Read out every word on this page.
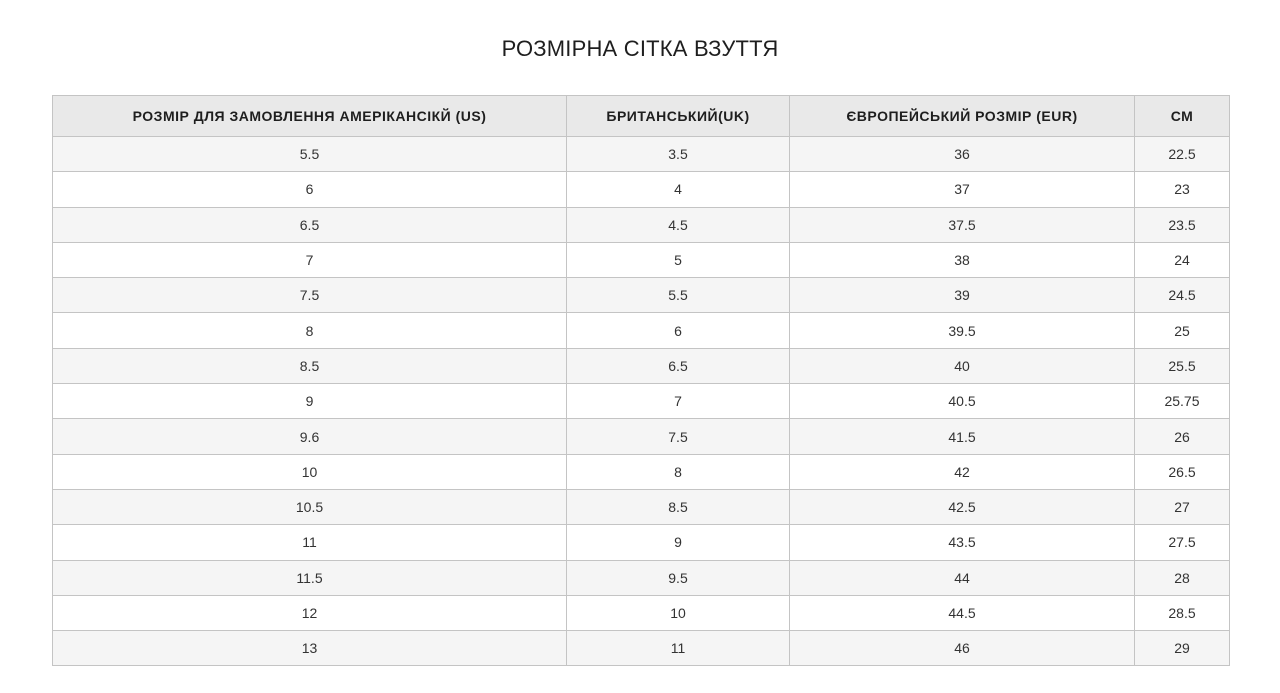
РОЗМІРНА СІТКА ВЗУТТЯ
РОЗМІР ДЛЯ ЗАМОВЛЕННЯ АМЕРІКАНСІКЙ (US)	БРИТАНСЬКИЙ(UK)	ЄВРОПЕЙСЬКИЙ РОЗМІР (EUR)	СМ
5.5	3.5	36	22.5
6	4	37	23
6.5	4.5	37.5	23.5
7	5	38	24
7.5	5.5	39	24.5
8	6	39.5	25
8.5	6.5	40	25.5
9	7	40.5	25.75
9.6	7.5	41.5	26
10	8	42	26.5
10.5	8.5	42.5	27
11	9	43.5	27.5
11.5	9.5	44	28
12	10	44.5	28.5
13	11	46	29
